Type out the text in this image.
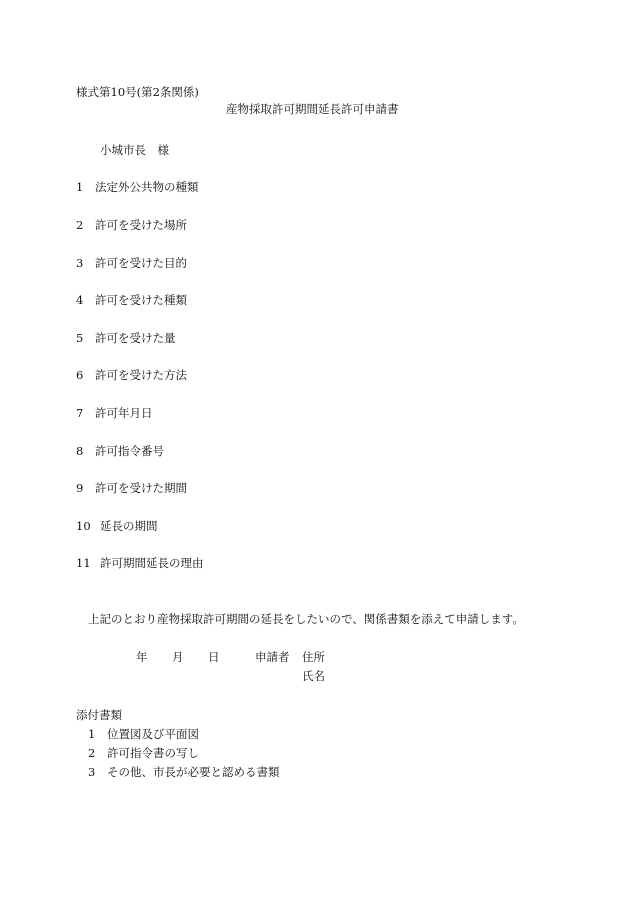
様式第10号(第2条関係)
産物採取許可期間延長許可申請書
小城市長　様
1 法定外公共物の種類
2 許可を受けた場所
3 許可を受けた目的
4 許可を受けた種類
5 許可を受けた量
6 許可を受けた方法
7 許可年月日
8 許可指令番号
9 許可を受けた期間
10 延長の期間
11 許可期間延長の理由
上記のとおり産物採取許可期間の延長をしたいので、関係書類を添えて申請します。
年 月 日	申請者 住所
氏名
添付書類
1 位置図及び平面図
2 許可指令書の写し
3 その他、市長が必要と認める書類
